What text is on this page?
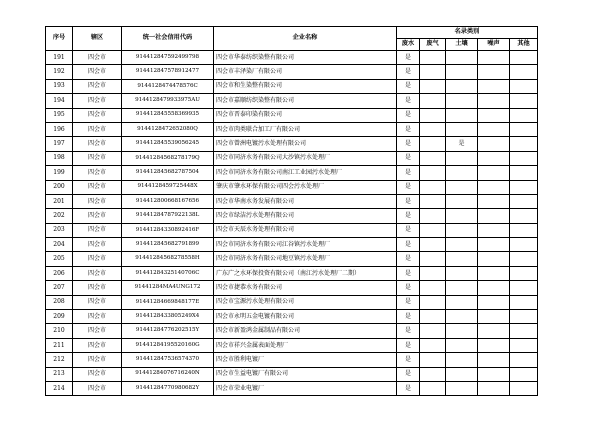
序号	辖区	统一社会信用代码	企业名称	名录类别				
				废水	废气	土壤	噪声	其他
191	四会市	9144128475924997​98	四会市华泰纺织染整有限公司	是				
192	四会市	91441284757891247​7	四会市丰泽染厂有限公司	是				
193	四会市	91441284744785​76C	四会市和生染整有限公司	是				
194	四会市	914412847993397​5AU	四会市嘉顺纺织染整有限公司	是				
195	四会市	9144128455583​69935	四会市晋泰印染有限公司	是				
196	四会市	914412847265​2080Q	四会市肉类联合加工厂有限公司	是				
197	四会市	914412845539​0562​45	四会市曾洲电镀污水处理有限公司	是		是		
198	四会市	9144128456827817​9Q	四会市同济水务有限公司大沙镇污水处理厂	是				
199	四会市	914412845682787504	四会市同济水务有限公司南江工业园污水处理厂	是				
200	四会市	914412845972544​8X	肇庆市肇水环保有限公司四会污水处理厂	是				
201	四会市	914412800668​1676​56	四会市华南水务发展有限公司	是				
202	四会市	91441284787922​138L	四会市绿洁污水处理有限公司	是				
203	四会市	9144128433​0892416F	四会市天辰水务处理有限公司	是				
204	四会市	914412845682791899	四会市同济水务有限公司江谷镇污水处理厂	是				
205	四会市	91441284568278558H	四会市同济水务有限公司地豆镇污水处理厂	是				
206	四会市	9144128432514​0706C	广东广之水环保投资有限公司（南江污水处理厂二期）	是				
207	四会市	91441284MA4UNG172	四会市捷恭水务有限公司	是				
208	四会市	9144128466​9848177E	四会市宝源污水处理有限公司	是				
209	四会市	914412843​3805249X4	四会市永明五金电镀有限公司	是				
210	四会市	91441284776202515Y	四会市新盈鸿金属制品有限公司	是				
211	四会市	91441284195520160G	四会市祥兴金属表面处理厂	是				
212	四会市	91441284753​6574370	四会市胜利电镀厂	是				
213	四会市	9144128407671624​0N	四会市生益电镀厂有限公司	是				
214	四会市	91441284770980682Y	四会市荣业电镀厂	是				
